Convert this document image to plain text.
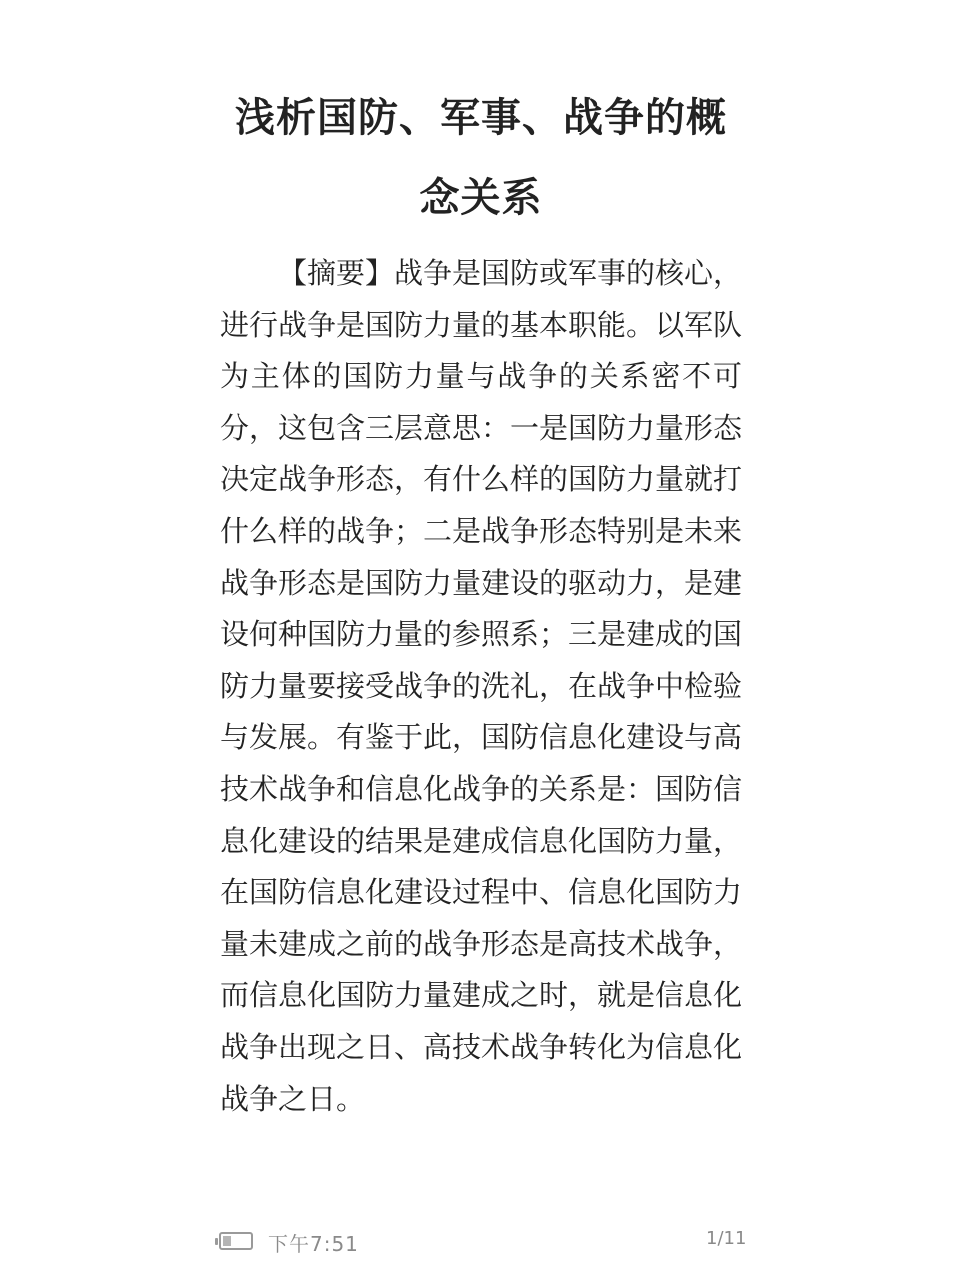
浅析国防、军事、战争的概念关系

【摘要】战争是国防或军事的核心，进行战争是国防力量的基本职能。以军队为主体的国防力量与战争的关系密不可分，这包含三层意思：一是国防力量形态决定战争形态，有什么样的国防力量就打什么样的战争；二是战争形态特别是未来战争形态是国防力量建设的驱动力，是建设何种国防力量的参照系；三是建成的国防力量要接受战争的洗礼，在战争中检验与发展。有鉴于此，国防信息化建设与高技术战争和信息化战争的关系是：国防信息化建设的结果是建成信息化国防力量，在国防信息化建设过程中、信息化国防力量未建成之前的战争形态是高技术战争，而信息化国防力量建成之时，就是信息化战争出现之日、高技术战争转化为信息化战争之日。

下午7:51	1/11
